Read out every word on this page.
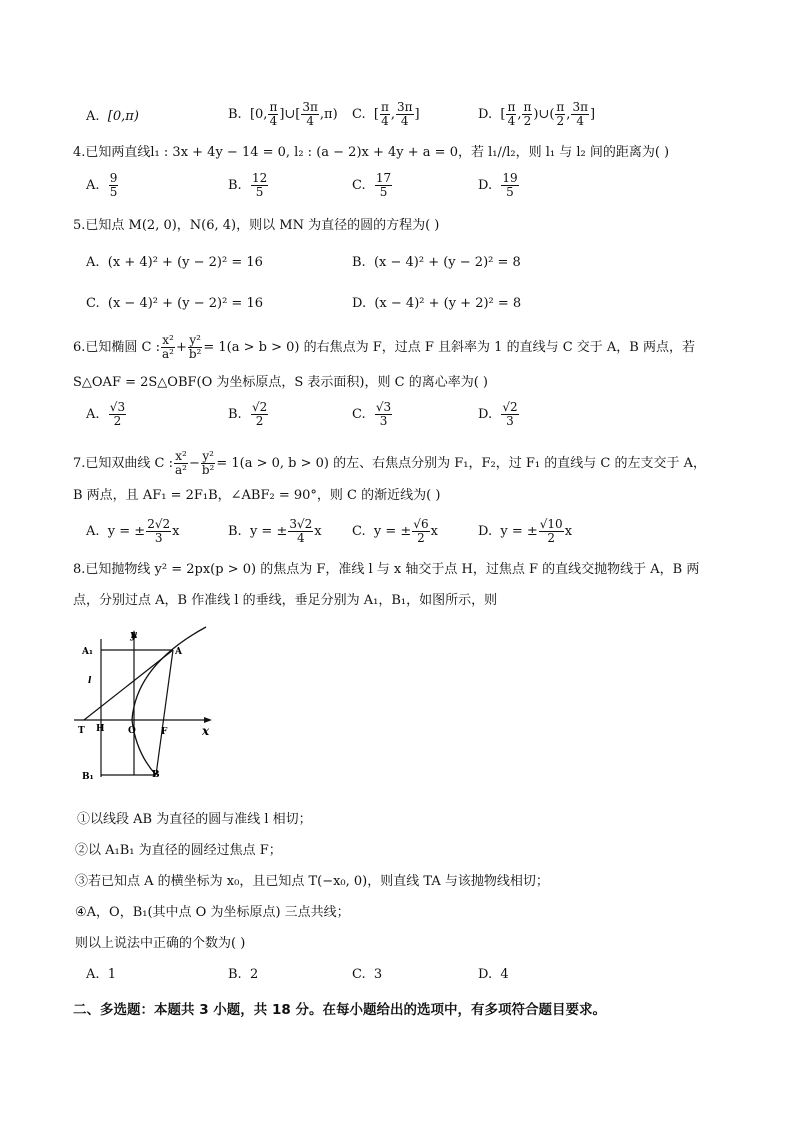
A. [0,π)	B.  [0, $\frac{\pi}{4}$ ]∪[ $\frac{3\pi}{4} ,\pi$) C.  [ $\frac{\pi}{4}$ , $\frac{3\pi}{4}$ ]	D.  [ $\frac{\pi}{4}$ , $\frac{\pi}{2}$ )∪( $\frac{\pi}{2}$ , $\frac{3\pi}{4}$ ]
4.已知两直线l₁ : 3x + 4y − 14 = 0, l₂ : (a − 2)x + 4y + a = 0，若 l₁//l₂，则 l₁ 与 l₂ 间的距离为( )
A. $\frac{9}{5}$	B. $\frac{12}{5}$	C. $\frac{17}{5}$	D. $\frac{19}{5}$
5.已知点 M(2, 0)，N(6, 4)，则以 MN 为直径的圆的方程为( )
A. (x + 4)² + (y − 2)² = 16	B. (x − 4)² + (y − 2)² = 8
C. (x − 4)² + (y − 2)² = 16	D. (x − 4)² + (y + 2)² = 8
6.已知椭圆 C : $\frac{\text{x²}}{\text{a²}} + \frac{\text{y²}}{\text{b²}} = 1(a > b > 0)$ 的右焦点为 F，过点 F 且斜率为 1 的直线与 C 交于 A，B 两点，若
S△OAF = 2S△OBF(O 为坐标原点，S 表示面积)，则 C 的离心率为( )
A. $\frac{√3}{2}$	B. $\frac{√2}{2}$	C. $\frac{√3}{3}$	D. $\frac{√2}{3}$
7.已知双曲线 C : $\frac{\text{x²}}{\text{a²}} - \frac{\text{y²}}{\text{b²}} = 1(a > 0$, b > 0) 的左、右焦点分别为 F₁，F₂，过 F₁ 的直线与 C 的左支交于 A，
B 两点，且 AF₁ = 2F₁B，∠ABF₂ = 90°，则 C 的渐近线为( )
A.  y = ± $\frac{2√2}{3}$ x	B.  y = ± $\frac{3√2}{4}$ x C.  y = ± $\frac{√6}{2}$ x	D.  y = ± $\frac{√10}{2}$ x
8.已知抛物线 y² = 2px(p > 0) 的焦点为 F，准线 l 与 x 轴交于点 H，过焦点 F 的直线交抛物线于 A，B 两
点，分别过点 A，B 作准线 l 的垂线，垂足分别为 A₁，B₁，如图所示，则
y
x
A₁	A
l
T H	O	F
B₁	B
①以线段 AB 为直径的圆与准线 l 相切；
②以 A₁B₁ 为直径的圆经过焦点 F；
③若已知点 A 的横坐标为 x₀，且已知点 T(−x₀, 0)，则直线 TA 与该抛物线相切；
④A，O，B₁(其中点 O 为坐标原点) 三点共线；
则以上说法中正确的个数为( )
A. 1	B. 2	C. 3	D. 4
二、多选题：本题共 3 小题，共 18 分。在每小题给出的选项中，有多项符合题目要求。
